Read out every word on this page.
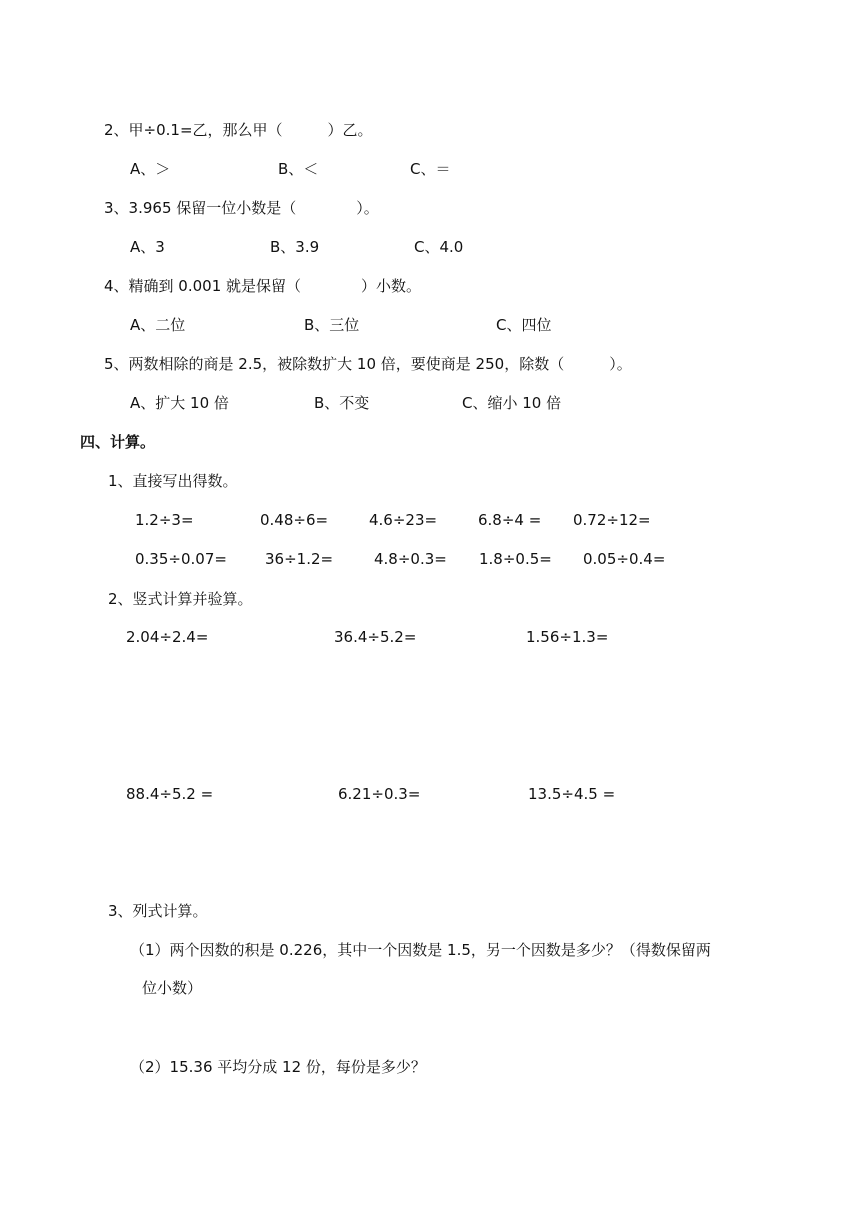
2、甲÷0.1=乙，那么甲（　　　）乙。
A、＞	B、＜	C、＝
3、3.965 保留一位小数是（　　　　）。
A、3	B、3.9	C、4.0
4、精确到 0.001 就是保留（　　　　）小数。
A、二位	B、三位	C、四位
5、两数相除的商是 2.5，被除数扩大 10 倍，要使商是 250，除数（　　　）。
A、扩大 10 倍	B、不变	C、缩小 10 倍
四、计算。
1、直接写出得数。
1.2÷3=	0.48÷6=	4.6÷23=	6.8÷4 = 0.72÷12=
0.35÷0.07=	36÷1.2=	4.8÷0.3= 1.8÷0.5= 0.05÷0.4=
2、竖式计算并验算。
2.04÷2.4=	36.4÷5.2=	1.56÷1.3=
88.4÷5.2 =	6.21÷0.3=	13.5÷4.5 =
3、列式计算。
（1）两个因数的积是 0.226，其中一个因数是 1.5，另一个因数是多少？（得数保留两
位小数）
（2）15.36 平均分成 12 份，每份是多少？
